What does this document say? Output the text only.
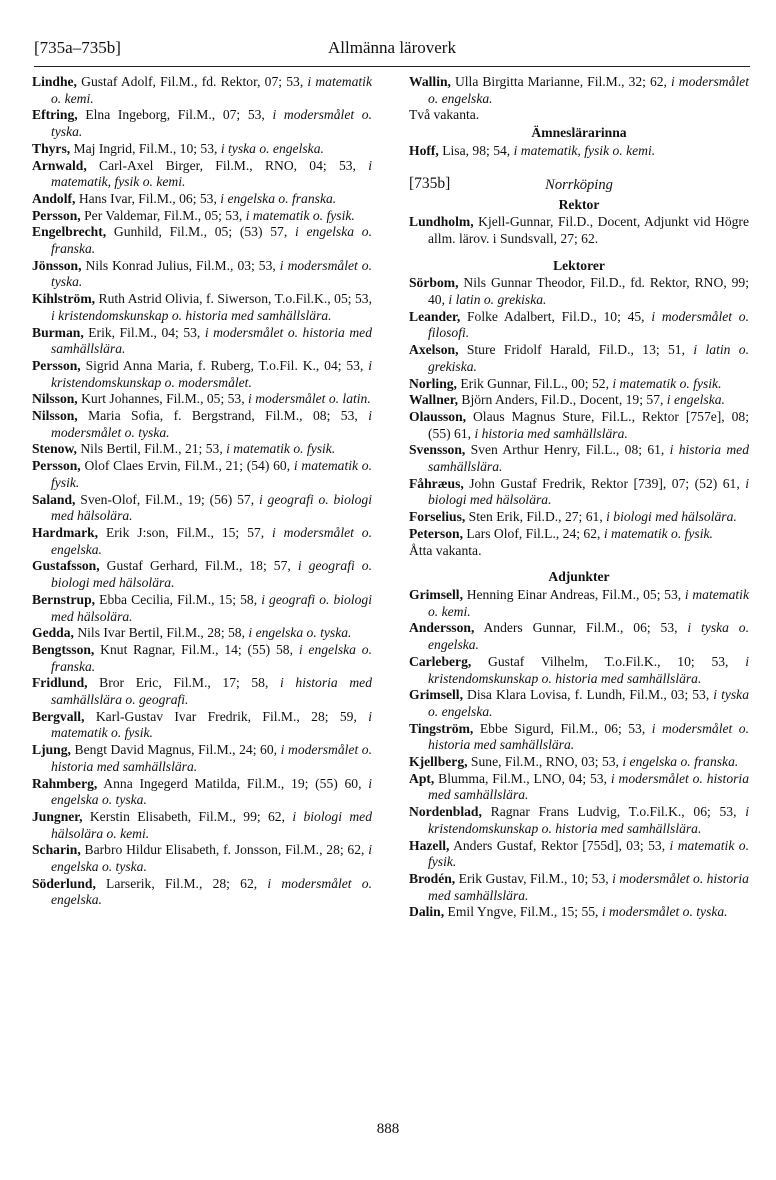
[735a–735b]	Allmänna läroverk
Lindhe, Gustaf Adolf, Fil.M., fd. Rektor, 07; 53, i matematik o. kemi.
Eftring, Elna Ingeborg, Fil.M., 07; 53, i modersmålet o. tyska.
Thyrs, Maj Ingrid, Fil.M., 10; 53, i tyska o. engelska.
Arnwald, Carl-Axel Birger, Fil.M., RNO, 04; 53, i matematik, fysik o. kemi.
Andolf, Hans Ivar, Fil.M., 06; 53, i engelska o. franska.
Persson, Per Valdemar, Fil.M., 05; 53, i matematik o. fysik.
Engelbrecht, Gunhild, Fil.M., 05; (53) 57, i engelska o. franska.
Jönsson, Nils Konrad Julius, Fil.M., 03; 53, i modersmålet o. tyska.
Kihlström, Ruth Astrid Olivia, f. Siwerson, T.o.Fil.K., 05; 53, i kristendomskunskap o. historia med samhällslära.
Burman, Erik, Fil.M., 04; 53, i modersmålet o. historia med samhällslära.
Persson, Sigrid Anna Maria, f. Ruberg, T.o.Fil. K., 04; 53, i kristendomskunskap o. modersmålet.
Nilsson, Kurt Johannes, Fil.M., 05; 53, i modersmålet o. latin.
Nilsson, Maria Sofia, f. Bergstrand, Fil.M., 08; 53, i modersmålet o. tyska.
Stenow, Nils Bertil, Fil.M., 21; 53, i matematik o. fysik.
Persson, Olof Claes Ervin, Fil.M., 21; (54) 60, i matematik o. fysik.
Saland, Sven-Olof, Fil.M., 19; (56) 57, i geografi o. biologi med hälsolära.
Hardmark, Erik J:son, Fil.M., 15; 57, i modersmålet o. engelska.
Gustafsson, Gustaf Gerhard, Fil.M., 18; 57, i geografi o. biologi med hälsolära.
Bernstrup, Ebba Cecilia, Fil.M., 15; 58, i geografi o. biologi med hälsolära.
Gedda, Nils Ivar Bertil, Fil.M., 28; 58, i engelska o. tyska.
Bengtsson, Knut Ragnar, Fil.M., 14; (55) 58, i engelska o. franska.
Fridlund, Bror Eric, Fil.M., 17; 58, i historia med samhällslära o. geografi.
Bergvall, Karl-Gustav Ivar Fredrik, Fil.M., 28; 59, i matematik o. fysik.
Ljung, Bengt David Magnus, Fil.M., 24; 60, i modersmålet o. historia med samhällslära.
Rahmberg, Anna Ingegerd Matilda, Fil.M., 19; (55) 60, i engelska o. tyska.
Jungner, Kerstin Elisabeth, Fil.M., 99; 62, i biologi med hälsolära o. kemi.
Scharin, Barbro Hildur Elisabeth, f. Jonsson, Fil.M., 28; 62, i engelska o. tyska.
Söderlund, Larserik, Fil.M., 28; 62, i modersmålet o. engelska.
Wallin, Ulla Birgitta Marianne, Fil.M., 32; 62, i modersmålet o. engelska.

Två vakanta.

Ämneslärarinna
Hoff, Lisa, 98; 54, i matematik, fysik o. kemi.
[735b]	Norrköping
Rektor
Lundholm, Kjell-Gunnar, Fil.D., Docent, Adjunkt vid Högre allm. lärov. i Sundsvall, 27; 62.
Lektorer
Sörbom, Nils Gunnar Theodor, Fil.D., fd. Rektor, RNO, 99; 40, i latin o. grekiska.
Leander, Folke Adalbert, Fil.D., 10; 45, i modersmålet o. filosofi.
Axelson, Sture Fridolf Harald, Fil.D., 13; 51, i latin o. grekiska.
Norling, Erik Gunnar, Fil.L., 00; 52, i matematik o. fysik.
Wallner, Björn Anders, Fil.D., Docent, 19; 57, i engelska.
Olausson, Olaus Magnus Sture, Fil.L., Rektor [757e], 08; (55) 61, i historia med samhällslära.
Svensson, Sven Arthur Henry, Fil.L., 08; 61, i historia med samhällslära.
Fåhræus, John Gustaf Fredrik, Rektor [739], 07; (52) 61, i biologi med hälsolära.
Forselius, Sten Erik, Fil.D., 27; 61, i biologi med hälsolära.
Peterson, Lars Olof, Fil.L., 24; 62, i matematik o. fysik.

Åtta vakanta.

Adjunkter
Grimsell, Henning Einar Andreas, Fil.M., 05; 53, i matematik o. kemi.
Andersson, Anders Gunnar, Fil.M., 06; 53, i tyska o. engelska.
Carleberg, Gustaf Vilhelm, T.o.Fil.K., 10; 53, i kristendomskunskap o. historia med samhällslära.
Grimsell, Disa Klara Lovisa, f. Lundh, Fil.M., 03; 53, i tyska o. engelska.
Tingström, Ebbe Sigurd, Fil.M., 06; 53, i modersmålet o. historia med samhällslära.
Kjellberg, Sune, Fil.M., RNO, 03; 53, i engelska o. franska.
Apt, Blumma, Fil.M., LNO, 04; 53, i modersmålet o. historia med samhällslära.
Nordenblad, Ragnar Frans Ludvig, T.o.Fil.K., 06; 53, i kristendomskunskap o. historia med samhällslära.
Hazell, Anders Gustaf, Rektor [755d], 03; 53, i matematik o. fysik.
Brodén, Erik Gustav, Fil.M., 10; 53, i modersmålet o. historia med samhällslära.
Dalin, Emil Yngve, Fil.M., 15; 55, i modersmålet o. tyska.
888
